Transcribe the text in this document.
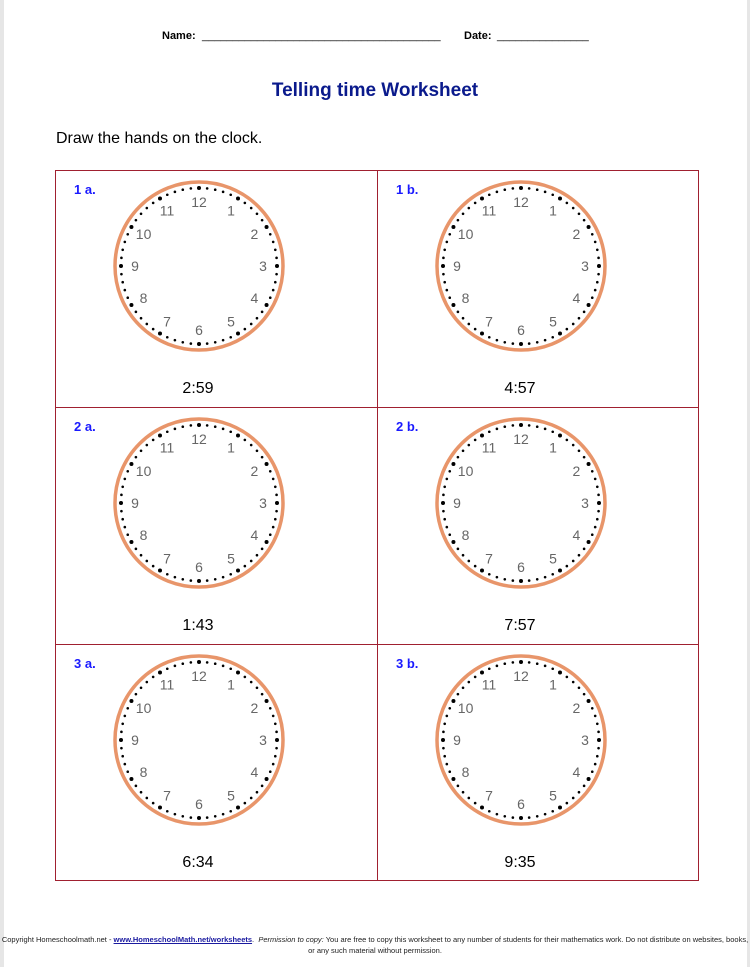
Name: _______________________________________ Date: _______________
Telling time Worksheet
Draw the hands on the clock.
1 a.
2:59
12
1
2
3
4
5
6
7
8
9
10
11
1 b.
4:57
12
1
2
3
4
5
6
7
8
9
10
11
2 a.
1:43
12
1
2
3
4
5
6
7
8
9
10
11
2 b.
7:57
12
1
2
3
4
5
6
7
8
9
10
11
3 a.
6:34
12
1
2
3
4
5
6
7
8
9
10
11
3 b.
9:35
12
1
2
3
4
5
6
7
8
9
10
11
Copyright Homeschoolmath.net - www.HomeschoolMath.net/worksheets.  Permission to copy: You are free to copy this worksheet to any number of students for their mathematics work. Do not distribute on websites, books, or any such material without permission.
